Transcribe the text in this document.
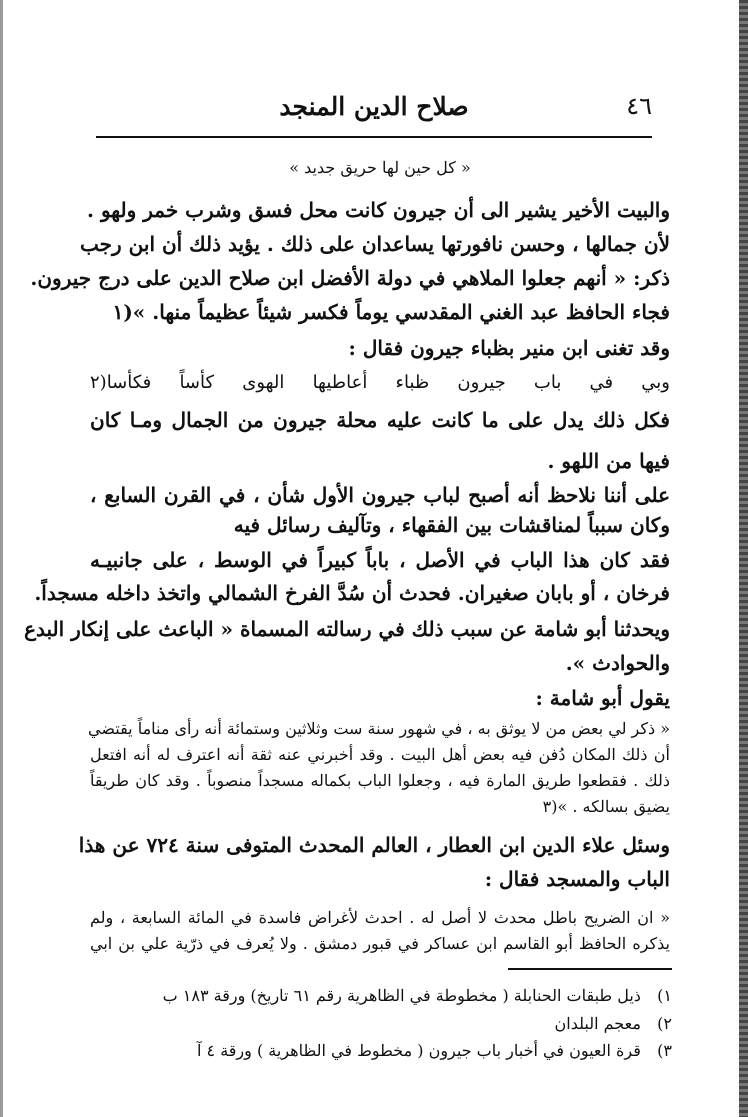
٤٦
صلاح الدين المنجد
« كل حين لها حريق جديد »
والبيت الأخير يشير الى أن جيرون كانت محل فسق وشرب خمر ولهو .
لأن جمالها ، وحسن نافورتها يساعدان على ذلك . يؤيد ذلك أن ابن رجب
ذكر: « أنهم جعلوا الملاهي في دولة الأفضل ابن صلاح الدين على درج جيرون.
فجاء الحافظ عبد الغني المقدسي يوماً فكسر شيئاً عظيماً منها. »(١
وقد تغنى ابن منير بظباء جيرون فقال :
وبي في باب جيرون ظباء أعاطيها الهوى كأساً فكأسا(٢
فكل ذلك يدل على ما كانت عليه محلة جيرون من الجمال ومـا كان
فيها من اللهو .
على أننا نلاحظ أنه أصبح لباب جيرون الأول شأن ، في القرن السابع ،
وكان سبباً لمناقشات بين الفقهاء ، وتآليف رسائل فيه
فقد كان هذا الباب في الأصل ، باباً كبيراً في الوسط ، على جانبيـه
فرخان ، أو بابان صغيران. فحدث أن سُدَّ الفرخ الشمالي واتخذ داخله مسجداً.
ويحدثنا أبو شامة عن سبب ذلك في رسالته المسماة « الباعث على إنكار البدع
والحوادث ».
يقول أبو شامة :
« ذكر لي بعض من لا يوثق به ، في شهور سنة ست وثلاثين وستمائة أنه رأى مناماً يقتضي
أن ذلك المكان دُفن فيه بعض أهل البيت . وقد أخبرني عنه ثقة أنه اعترف له أنه افتعل
ذلك . فقطعوا طريق المارة فيه ، وجعلوا الباب بكماله مسجداً منصوباً . وقد كان طريقاً
يضيق بسالكه . »(٣
وسئل علاء الدين ابن العطار ، العالم المحدث المتوفى سنة ٧٢٤ عن هذا
الباب والمسجد فقال :
« ان الضريح باطل محدث لا أصل له . احدث لأغراض فاسدة في المائة السابعة ، ولم
يذكره الحافظ أبو القاسم ابن عساكر في قبور دمشق . ولا يُعرف في ذرّية علي بن ابي
١) ذيل طبقات الحنابلة ( مخطوطة في الظاهرية رقم ٦١ تاريخ) ورقة ١٨٣ ب
٢) معجم البلدان
٣) قرة العيون في أخبار باب جيرون ( مخطوط في الظاهرية ) ورقة ٤ آ
